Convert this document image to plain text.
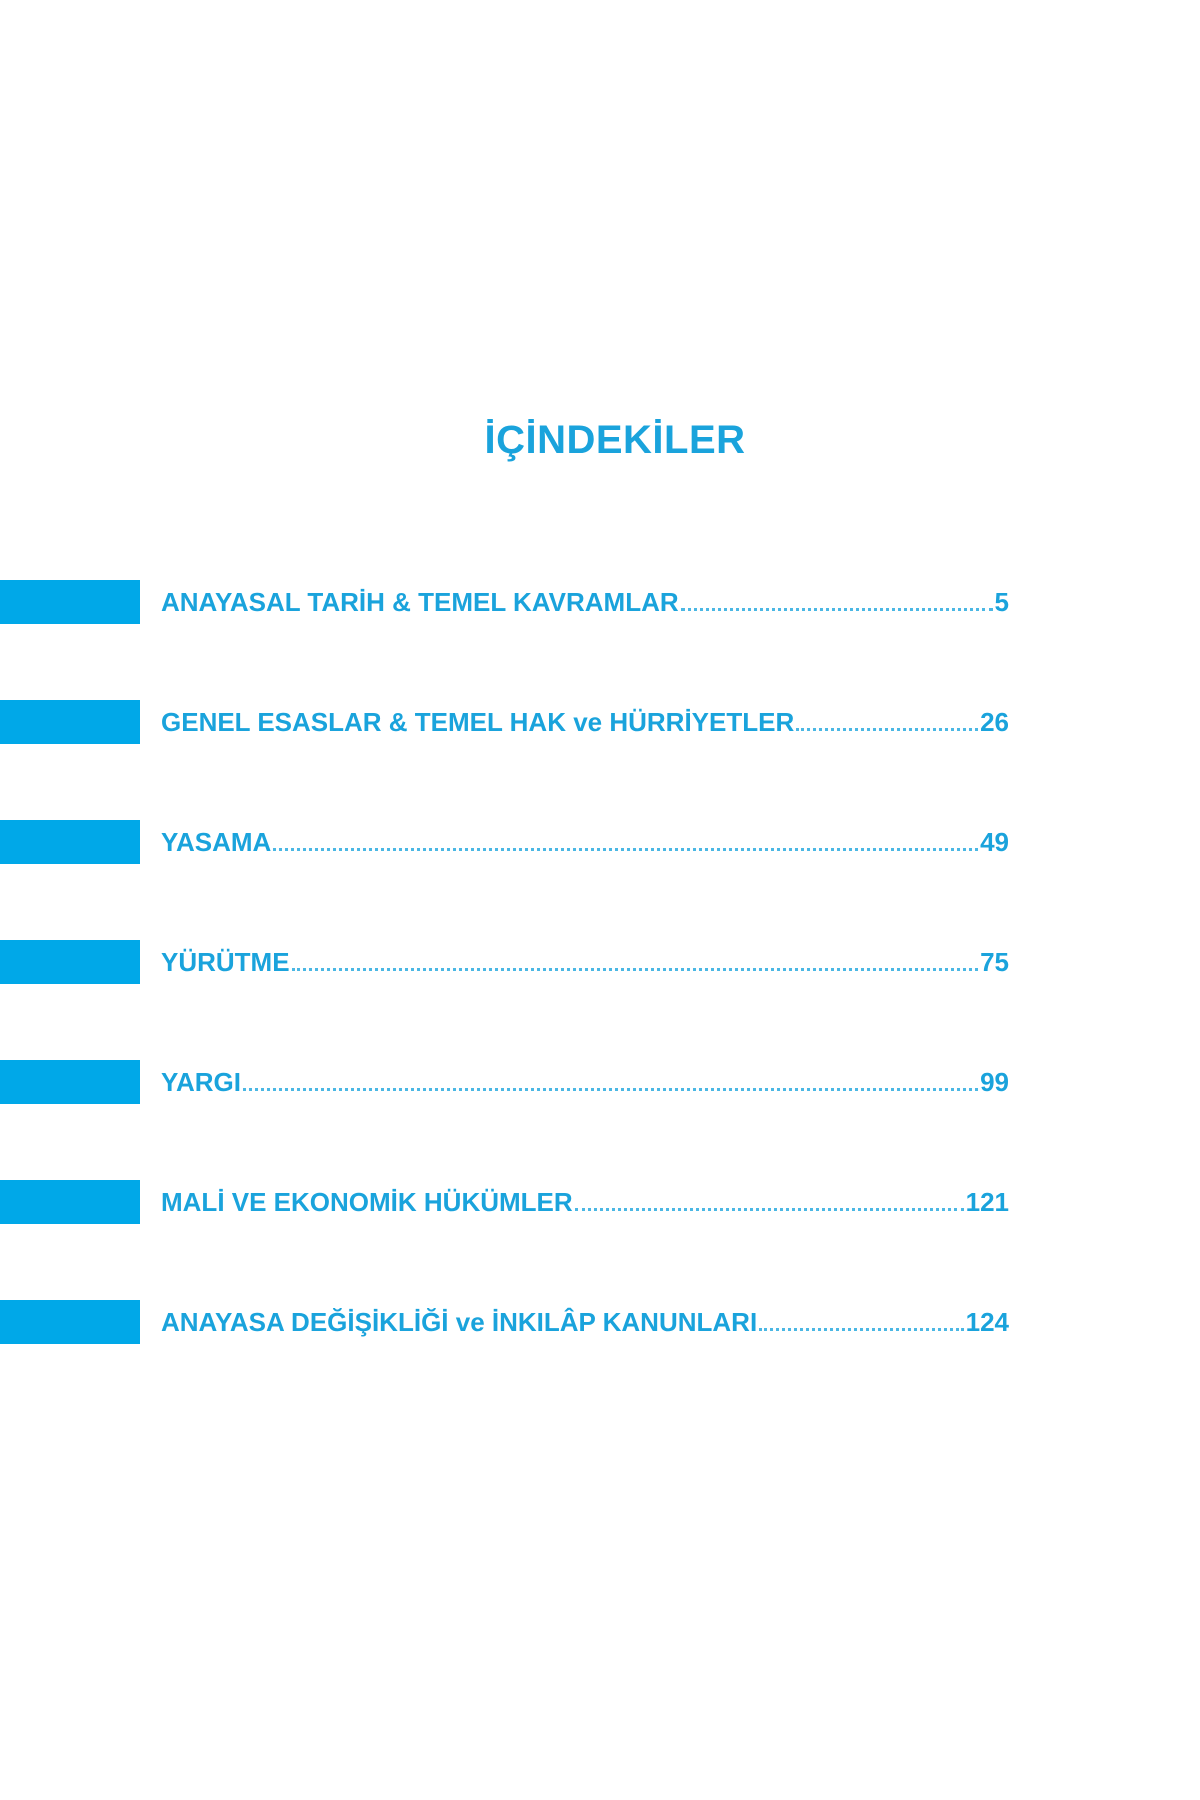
İÇİNDEKİLER
ANAYASAL TARİH & TEMEL KAVRAMLAR	5
GENEL ESASLAR & TEMEL HAK ve HÜRRİYETLER	26
YASAMA	49
YÜRÜTME	75
YARGI	99
MALİ VE EKONOMİK HÜKÜMLER	121
ANAYASA DEĞİŞİKLİĞİ ve İNKILÂP KANUNLARI	124
